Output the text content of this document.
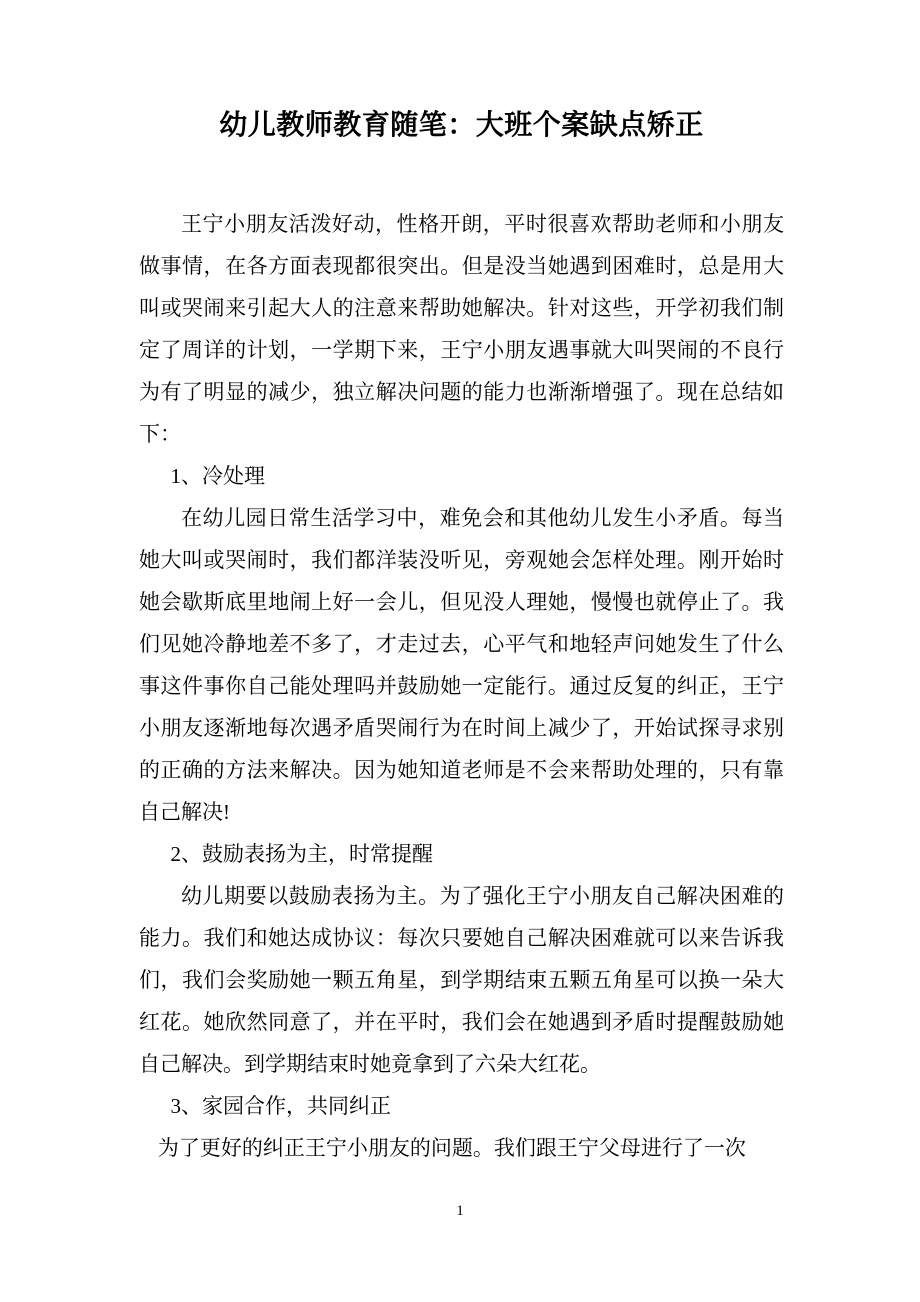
幼儿教师教育随笔：大班个案缺点矫正

王宁小朋友活泼好动，性格开朗，平时很喜欢帮助老师和小朋友做事情，在各方面表现都很突出。但是没当她遇到困难时，总是用大叫或哭闹来引起大人的注意来帮助她解决。针对这些，开学初我们制定了周详的计划，一学期下来，王宁小朋友遇事就大叫哭闹的不良行为有了明显的减少，独立解决问题的能力也渐渐增强了。现在总结如下：

1、冷处理

在幼儿园日常生活学习中，难免会和其他幼儿发生小矛盾。每当她大叫或哭闹时，我们都洋装没听见，旁观她会怎样处理。刚开始时她会歇斯底里地闹上好一会儿，但见没人理她，慢慢也就停止了。我们见她冷静地差不多了，才走过去，心平气和地轻声问她发生了什么事这件事你自己能处理吗并鼓励她一定能行。通过反复的纠正，王宁小朋友逐渐地每次遇矛盾哭闹行为在时间上减少了，开始试探寻求别的正确的方法来解决。因为她知道老师是不会来帮助处理的，只有靠自己解决!

2、鼓励表扬为主，时常提醒

幼儿期要以鼓励表扬为主。为了强化王宁小朋友自己解决困难的能力。我们和她达成协议：每次只要她自己解决困难就可以来告诉我们，我们会奖励她一颗五角星，到学期结束五颗五角星可以换一朵大红花。她欣然同意了，并在平时，我们会在她遇到矛盾时提醒鼓励她自己解决。到学期结束时她竟拿到了六朵大红花。

3、家园合作，共同纠正

为了更好的纠正王宁小朋友的问题。我们跟王宁父母进行了一次

1
